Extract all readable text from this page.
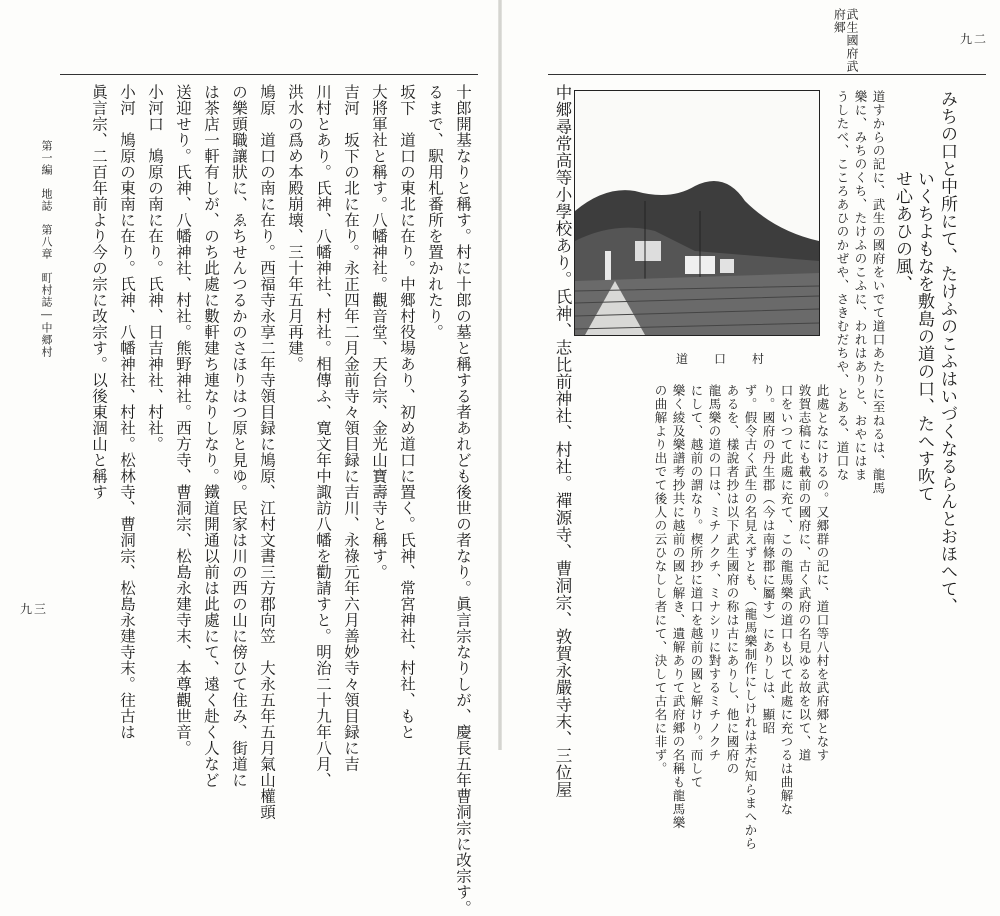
武生國府武府郷
九二
みちの口と中所にて、たけふのこふはいづくなるらんとおほへて、
いくちよもなを敷島の道の口、たへす吹て
せ心あひの風、
道すからの記に、武生の國府をいでて道口あたりに至ねるは、龍馬
樂に、みちのくち、たけふのこふに、われはありと、おやにはま
うしたべ、こころあひのかぜや、さきむだちや、とある、道口な
道口村
中郷尋常高等小學校あり。氏神、志比前神社、村社。禪源寺、曹洞宗、敦賀永嚴寺末、三位屋	此處となにけるの。又郷群の記に、道口等八村を武府郷となす
敦賀志稿にも載前の國府に、古く武府の名見ゆる故を以て、道
口をいつて此處に充て、この龍馬樂の道口も以て此處に充つるは曲解な
り。國府の丹生郡（今は南條郡に屬す）にありしは、顯昭
ず。假令古く武生の名見えずとも、（龍馬樂制作にしけれは未だ知らまへから
あるを、樣說者抄は以下武生國府の称は古にありし、他に國府の
龍馬樂の道の口は、ミチノクチ、ミナシリに對するミチノクチ
にして、越前の謂なり。楔所抄に道口を越前の國と解けり。而して
樂く綾及樂譜考抄共に越前の國と解き、遺解ありて武府郷の名稱も龍馬樂
の曲解より出でて後人の云ひなしし者にて、決して古名に非ず。
十郎開基なりと稱す。村に十郎の墓と稱する者あれども後世の者なり。眞言宗なりしが、慶長五年曹洞宗に改宗す。
るまで、駅用札番所を置かれたり。
坂下　道口の東北に在り。中郷村役場あり、初め道口に置く。氏神、常宮神社、村社、もと
大將軍社と稱す。八幡神社。觀音堂、天台宗、金光山寶壽寺と稱す。
吉河　坂下の北に在り。永正四年二月金前寺々領目録に吉川、永祿元年六月善妙寺々領目録に吉
川村とあり。氏神、八幡神社、村社。相傳ふ、寛文年中諏訪八幡を勸請すと。明治二十九年八月、
洪水の爲め本殿崩壊、三十年五月再建。
鳩原　道口の南に在り。西福寺永享二年寺領目録に鳩原、江村文書三方郡向笠　大永五年五月氣山權頭
の樂頭職讓狀に、ゑちせんつるかのさほりはつ原と見ゆ。民家は川の西の山に傍ひて住み、街道に
は茶店一軒有しが、のち此處に數軒建ち連なりしなり。鐵道開通以前は此處にて、遠く赴く人など
送迎せり。氏神、八幡神社、村社。熊野神社。西方寺、曹洞宗、松島永建寺末、本尊觀世音。
小河口　鳩原の南に在り。氏神、日吉神社、村社。
小河　鳩原の東南に在り。氏神、八幡神社、村社。松林寺、曹洞宗、松島永建寺末。往古は
眞言宗、二百年前より今の宗に改宗す。以後東涸山と稱す
第一編　地誌　第八章　町村誌―中郷村
九三
